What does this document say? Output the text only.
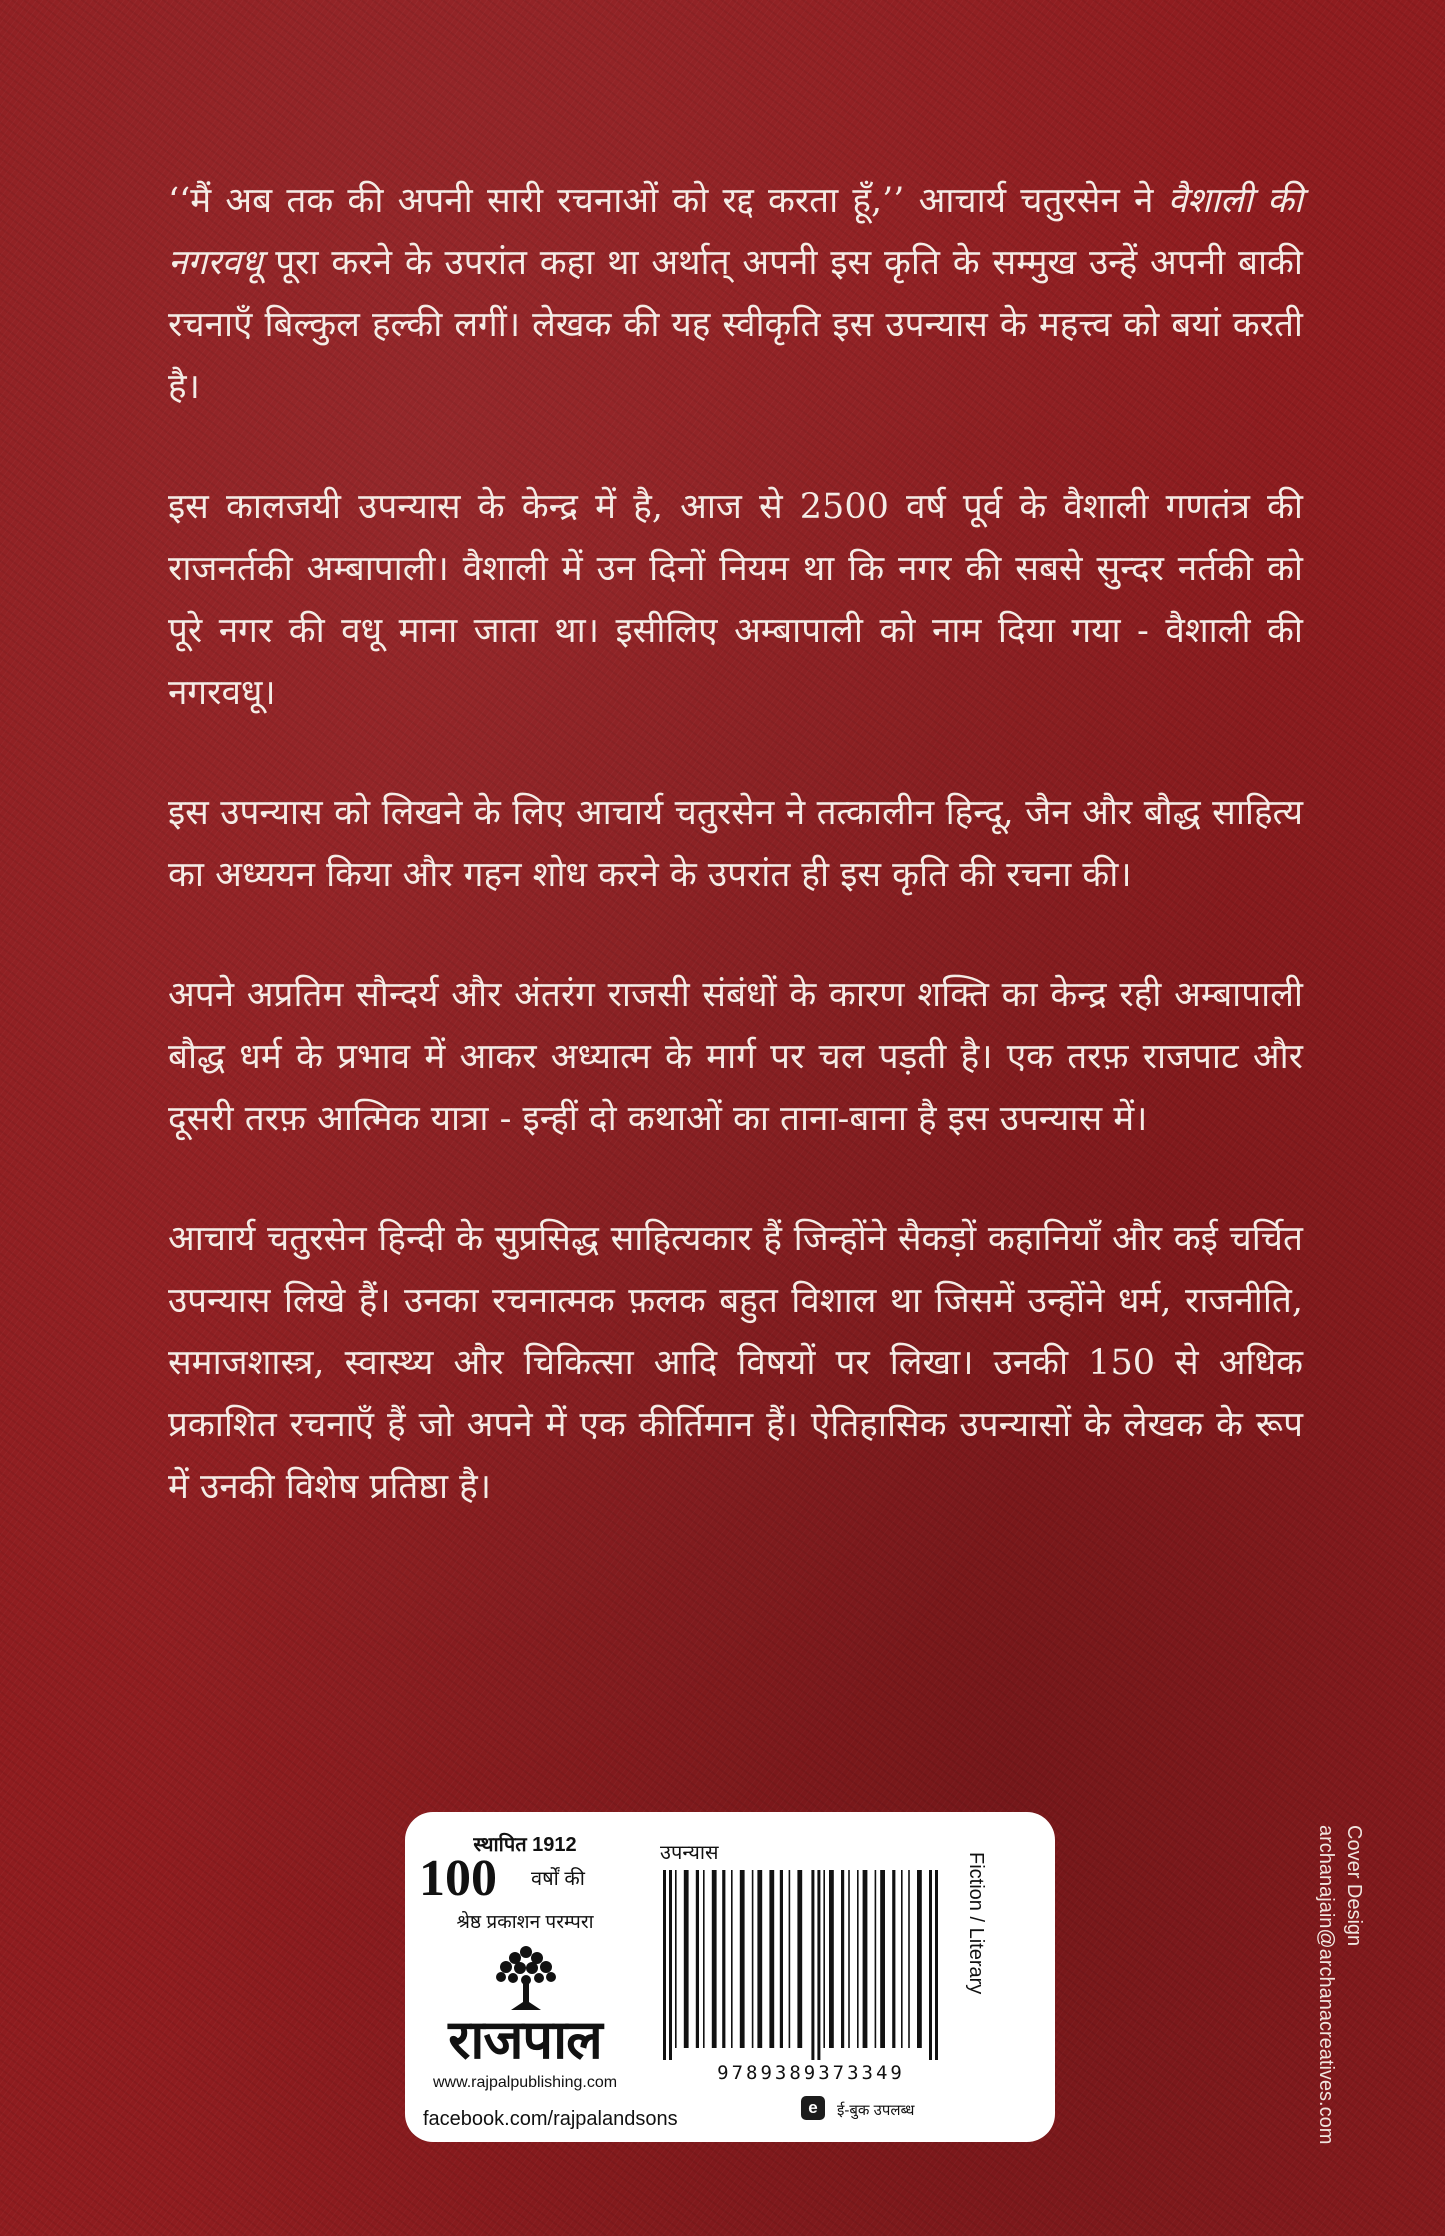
‘‘मैं अब तक की अपनी सारी रचनाओं को रद्द करता हूँ,’’ आचार्य चतुरसेन ने वैशाली की नगरवधू पूरा करने के उपरांत कहा था अर्थात् अपनी इस कृति के सम्मुख उन्हें अपनी बाकी रचनाएँ बिल्कुल हल्की लगीं। लेखक की यह स्वीकृति इस उपन्यास के महत्त्व को बयां करती है।

इस कालजयी उपन्यास के केन्द्र में है, आज से 2500 वर्ष पूर्व के वैशाली गणतंत्र की राजनर्तकी अम्बापाली। वैशाली में उन दिनों नियम था कि नगर की सबसे सुन्दर नर्तकी को पूरे नगर की वधू माना जाता था। इसीलिए अम्बापाली को नाम दिया गया - वैशाली की नगरवधू।

इस उपन्यास को लिखने के लिए आचार्य चतुरसेन ने तत्कालीन हिन्दू, जैन और बौद्ध साहित्य का अध्ययन किया और गहन शोध करने के उपरांत ही इस कृति की रचना की।

अपने अप्रतिम सौन्दर्य और अंतरंग राजसी संबंधों के कारण शक्ति का केन्द्र रही अम्बापाली बौद्ध धर्म के प्रभाव में आकर अध्यात्म के मार्ग पर चल पड़ती है। एक तरफ़ राजपाट और दूसरी तरफ़ आत्मिक यात्रा - इन्हीं दो कथाओं का ताना-बाना है इस उपन्यास में।

आचार्य चतुरसेन हिन्दी के सुप्रसिद्ध साहित्यकार हैं जिन्होंने सैकड़ों कहानियाँ और कई चर्चित उपन्यास लिखे हैं। उनका रचनात्मक फ़लक बहुत विशाल था जिसमें उन्होंने धर्म, राजनीति, समाजशास्त्र, स्वास्थ्य और चिकित्सा आदि विषयों पर लिखा। उनकी 150 से अधिक प्रकाशित रचनाएँ हैं जो अपने में एक कीर्तिमान हैं। ऐतिहासिक उपन्यासों के लेखक के रूप में उनकी विशेष प्रतिष्ठा है।

Cover Design
archanajain@archanacreatives.com
स्थापित 1912
100 वर्षों की
श्रेष्ठ प्रकाशन परम्परा
राजपाल
www.rajpalpublishing.com
facebook.com/rajpalandsons
उपन्यास
9789389373349
e	ई-बुक उपलब्ध
Fiction / Literary
